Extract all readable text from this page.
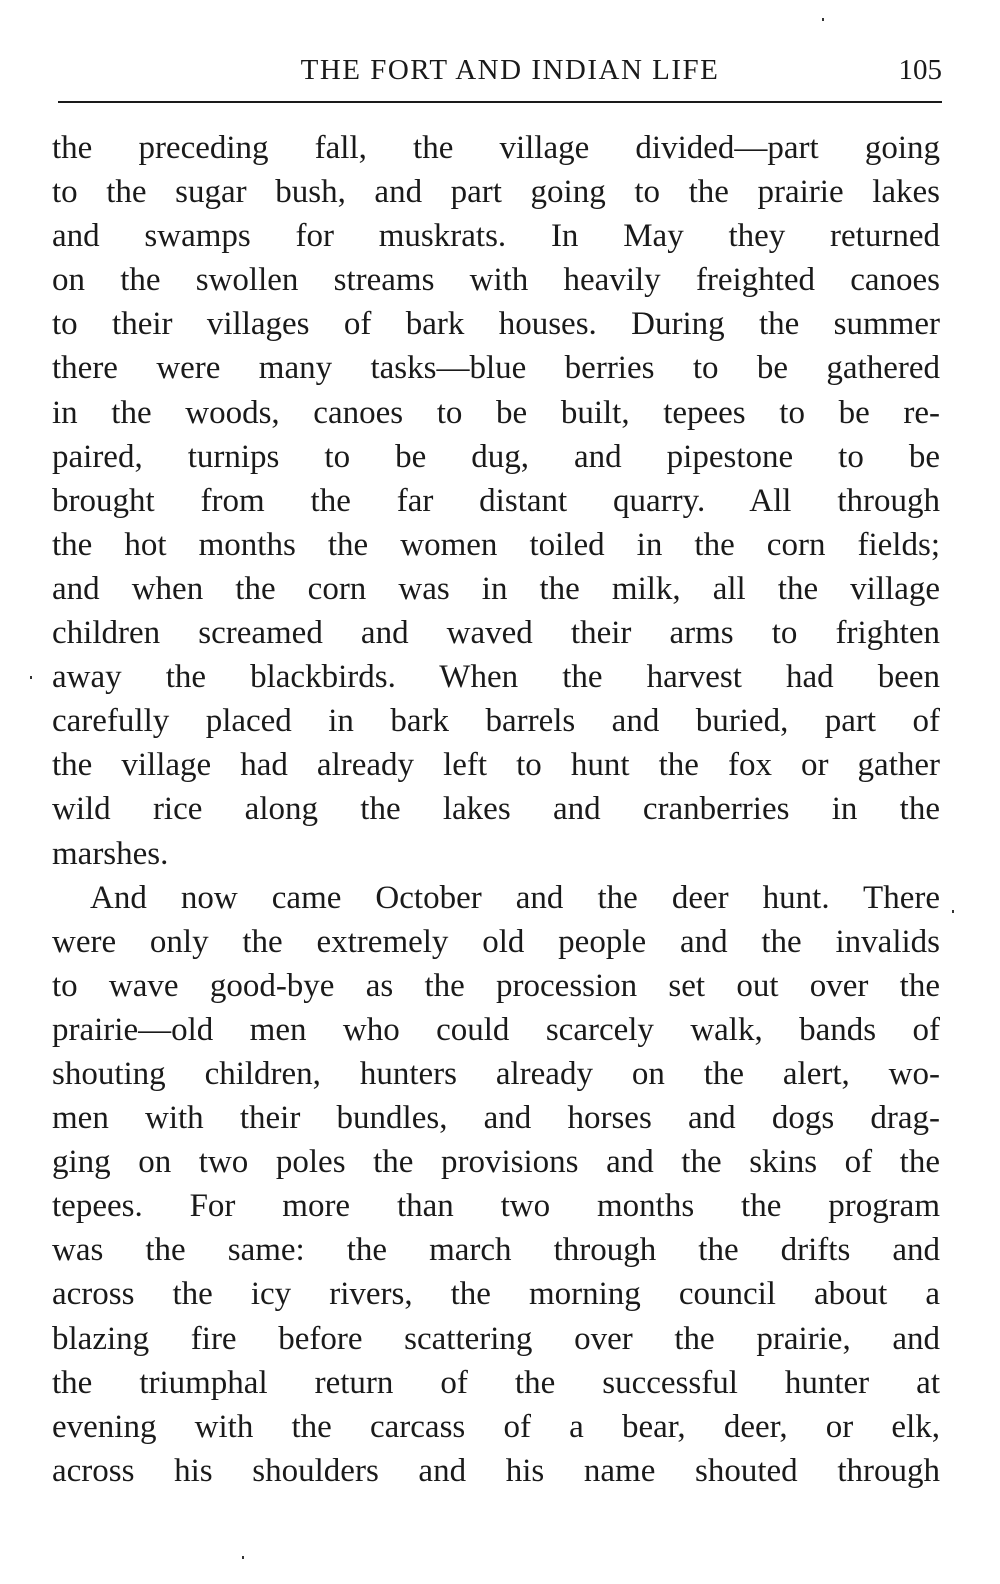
THE FORT AND INDIAN LIFE	105
the preceding fall, the village divided—part going
to the sugar bush, and part going to the prairie lakes
and swamps for muskrats. In May they returned
on the swollen streams with heavily freighted canoes
to their villages of bark houses. During the summer
there were many tasks—blue berries to be gathered
in the woods, canoes to be built, tepees to be re-
paired, turnips to be dug, and pipestone to be
brought from the far distant quarry. All through
the hot months the women toiled in the corn fields;
and when the corn was in the milk, all the village
children screamed and waved their arms to frighten
away the blackbirds. When the harvest had been
carefully placed in bark barrels and buried, part of
the village had already left to hunt the fox or gather
wild rice along the lakes and cranberries in the
marshes.
And now came October and the deer hunt. There
were only the extremely old people and the invalids
to wave good-bye as the procession set out over the
prairie—old men who could scarcely walk, bands of
shouting children, hunters already on the alert, wo-
men with their bundles, and horses and dogs drag-
ging on two poles the provisions and the skins of the
tepees. For more than two months the program
was the same: the march through the drifts and
across the icy rivers, the morning council about a
blazing fire before scattering over the prairie, and
the triumphal return of the successful hunter at
evening with the carcass of a bear, deer, or elk,
across his shoulders and his name shouted through
